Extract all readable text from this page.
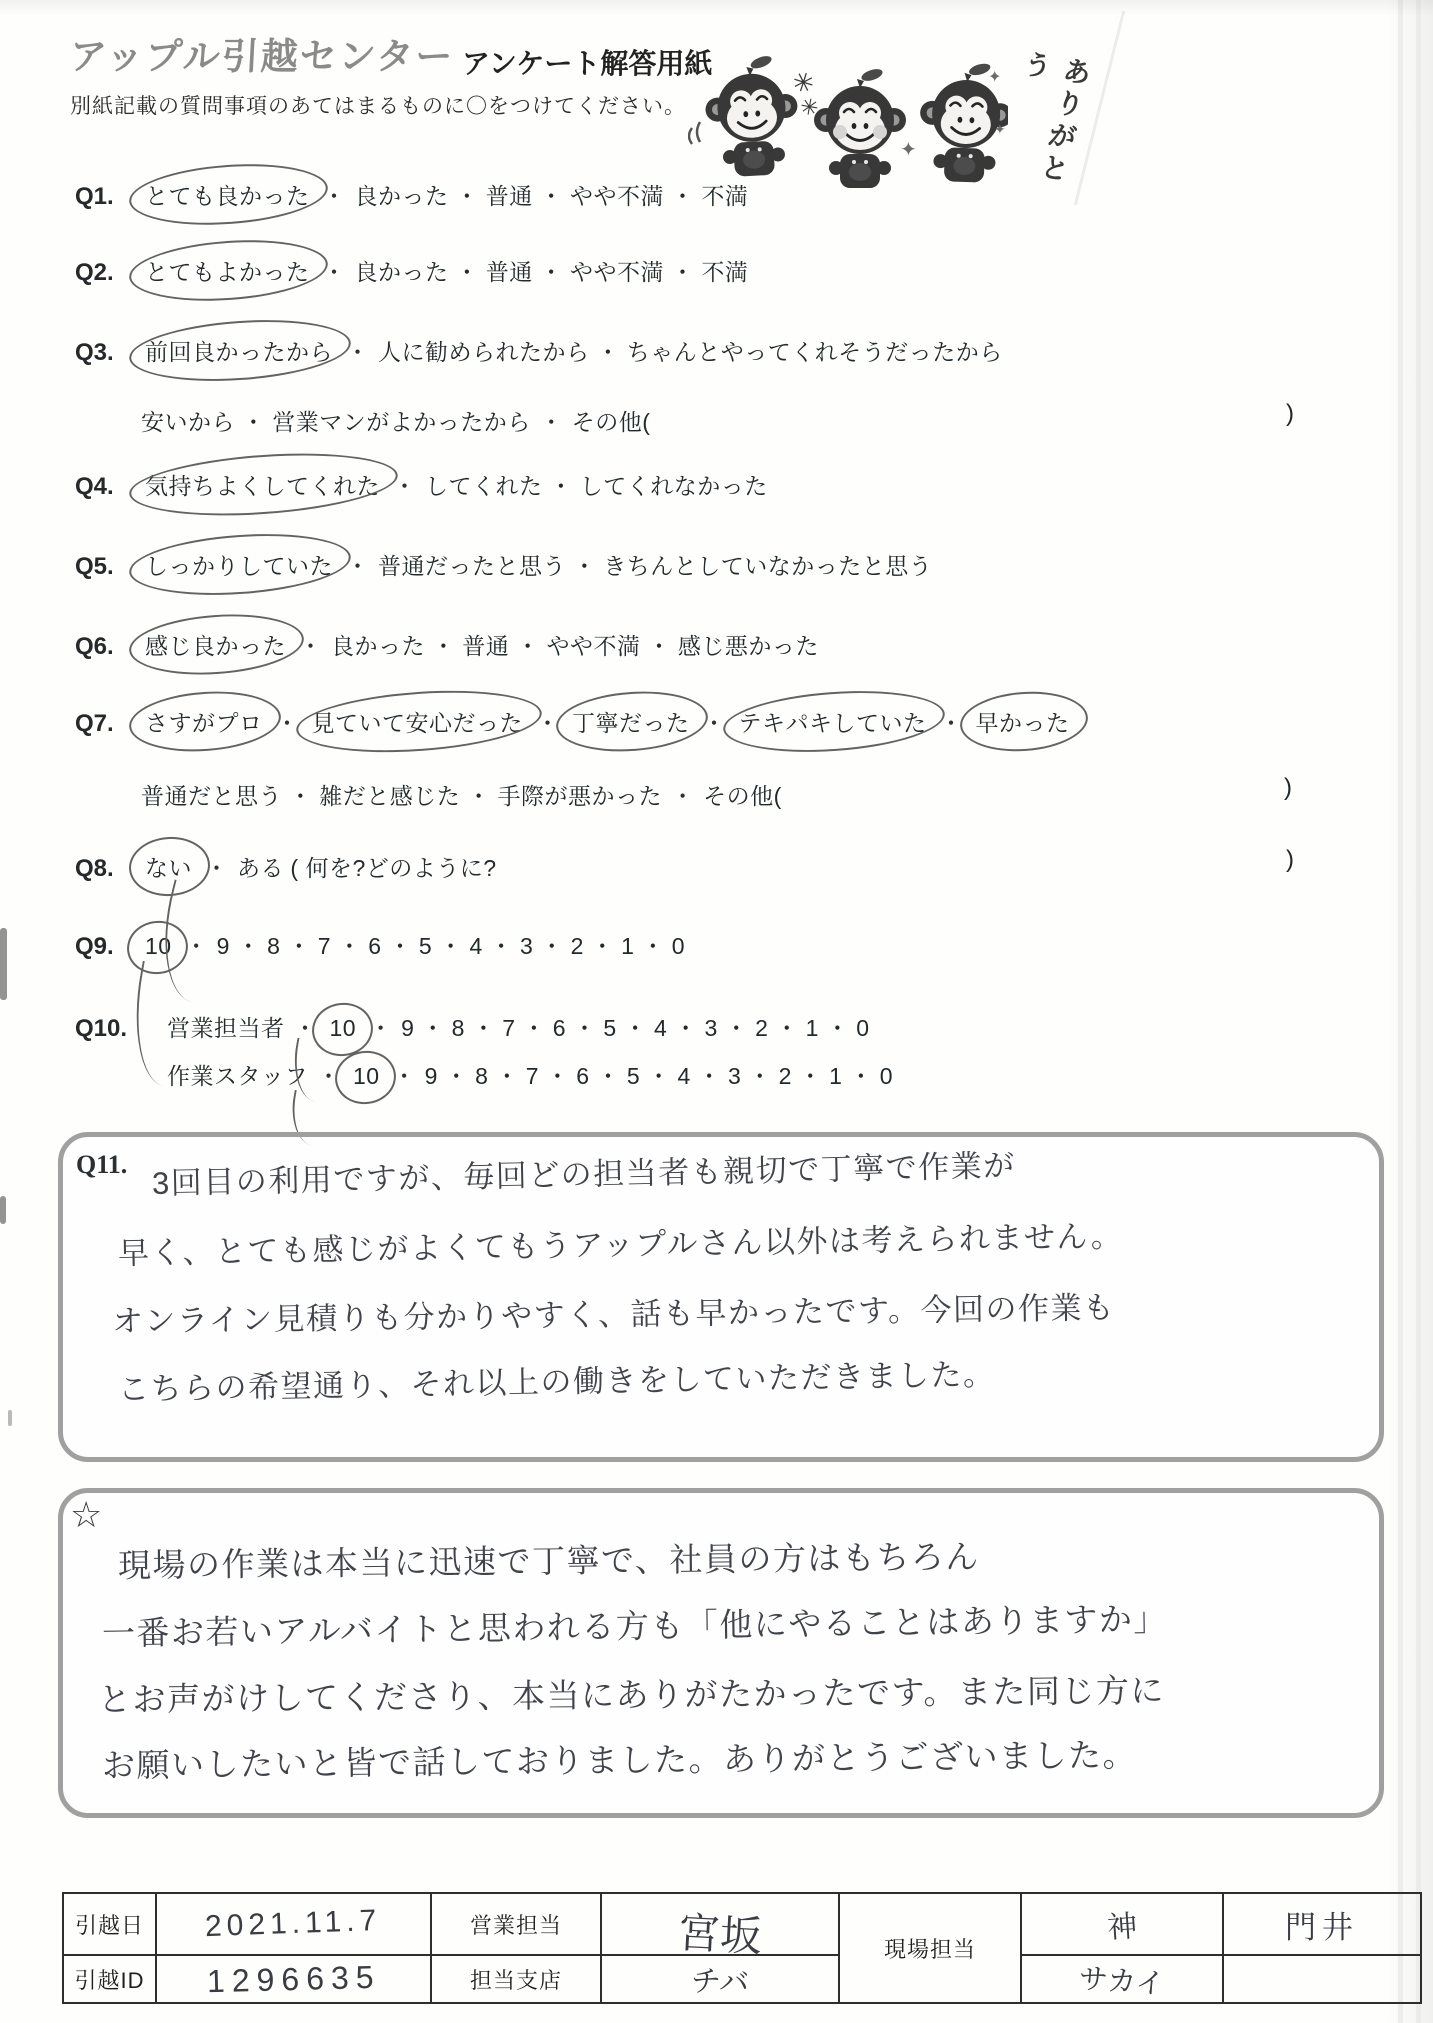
アップル引越センター アンケート解答用紙
別紙記載の質問事項のあてはまるものに〇をつけてください。
✳
✳
✦
✦
✦	ありがとう
Q1. とても良かった ・ 良かった ・ 普通 ・ やや不満 ・ 不満
Q2. とてもよかった ・ 良かった ・ 普通 ・ やや不満 ・ 不満
Q3. 前回良かったから ・ 人に勧められたから ・ ちゃんとやってくれそうだったから
安いから ・ 営業マンがよかったから ・ その他(	)
Q4. 気持ちよくしてくれた ・ してくれた ・ してくれなかった
Q5. しっかりしていた ・ 普通だったと思う ・ きちんとしていなかったと思う
Q6. 感じ良かった ・ 良かった ・ 普通 ・ やや不満 ・ 感じ悪かった
Q7. さすがプロ ・ 見ていて安心だった ・ 丁寧だった ・ テキパキしていた ・ 早かった
普通だと思う ・ 雑だと感じた ・ 手際が悪かった ・ その他(	)
Q8. ない ・ ある ( 何を?どのように?	)
Q9. 10 ・ 9 ・ 8 ・ 7 ・ 6 ・ 5 ・ 4 ・ 3 ・ 2 ・ 1 ・ 0
Q10. 営業担当者 ・ 10 ・ 9 ・ 8 ・ 7 ・ 6 ・ 5 ・ 4 ・ 3 ・ 2 ・ 1 ・ 0
作業スタッフ ・ 10 ・ 9 ・ 8 ・ 7 ・ 6 ・ 5 ・ 4 ・ 3 ・ 2 ・ 1 ・ 0
Q11. 3回目の利用ですが、毎回どの担当者も親切で丁寧で作業が
早く、とても感じがよくてもうアップルさん以外は考えられません。
オンライン見積りも分かりやすく、話も早かったです。今回の作業も
こちらの希望通り、それ以上の働きをしていただきました。
☆
現場の作業は本当に迅速で丁寧で、社員の方はもちろん
一番お若いアルバイトと思われる方も「他にやることはありますか」
とお声がけしてくださり、本当にありがたかったです。また同じ方に
お願いしたいと皆で話しておりました。ありがとうございました。
引越日	2021.11.7	営業担当	宮坂	現場担当	神	門井
引越ID	1296635	担当支店	チバ		サカイ	
